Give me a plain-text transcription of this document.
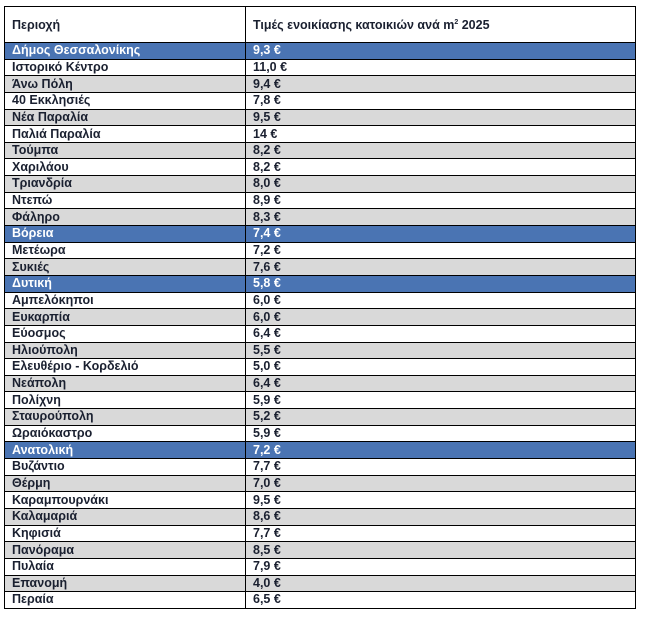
Περιοχή	Τιμές ενοικίασης κατοικιών ανά $m^2$ 2025
Δήμος Θεσσαλονίκης	9,3 €
Ιστορικό Κέντρο	11,0 €
Άνω Πόλη	9,4 €
40 Εκκλησιές	7,8 €
Νέα Παραλία	9,5 €
Παλιά Παραλία	14 €
Τούμπα	8,2 €
Χαριλάου	8,2 €
Τριανδρία	8,0 €
Ντεπώ	8,9 €
Φάληρο	8,3 €
Βόρεια	7,4 €
Μετέωρα	7,2 €
Συκιές	7,6 €
Δυτική	5,8 €
Αμπελόκηποι	6,0 €
Ευκαρπία	6,0 €
Εύοσμος	6,4 €
Ηλιούπολη	5,5 €
Ελευθέριο - Κορδελιό	5,0 €
Νεάπολη	6,4 €
Πολίχνη	5,9 €
Σταυρούπολη	5,2 €
Ωραιόκαστρο	5,9 €
Ανατολική	7,2 €
Βυζάντιο	7,7 €
Θέρμη	7,0 €
Καραμπουρνάκι	9,5 €
Καλαμαριά	8,6 €
Κηφισιά	7,7 €
Πανόραμα	8,5 €
Πυλαία	7,9 €
Επανομή	4,0 €
Περαία	6,5 €
